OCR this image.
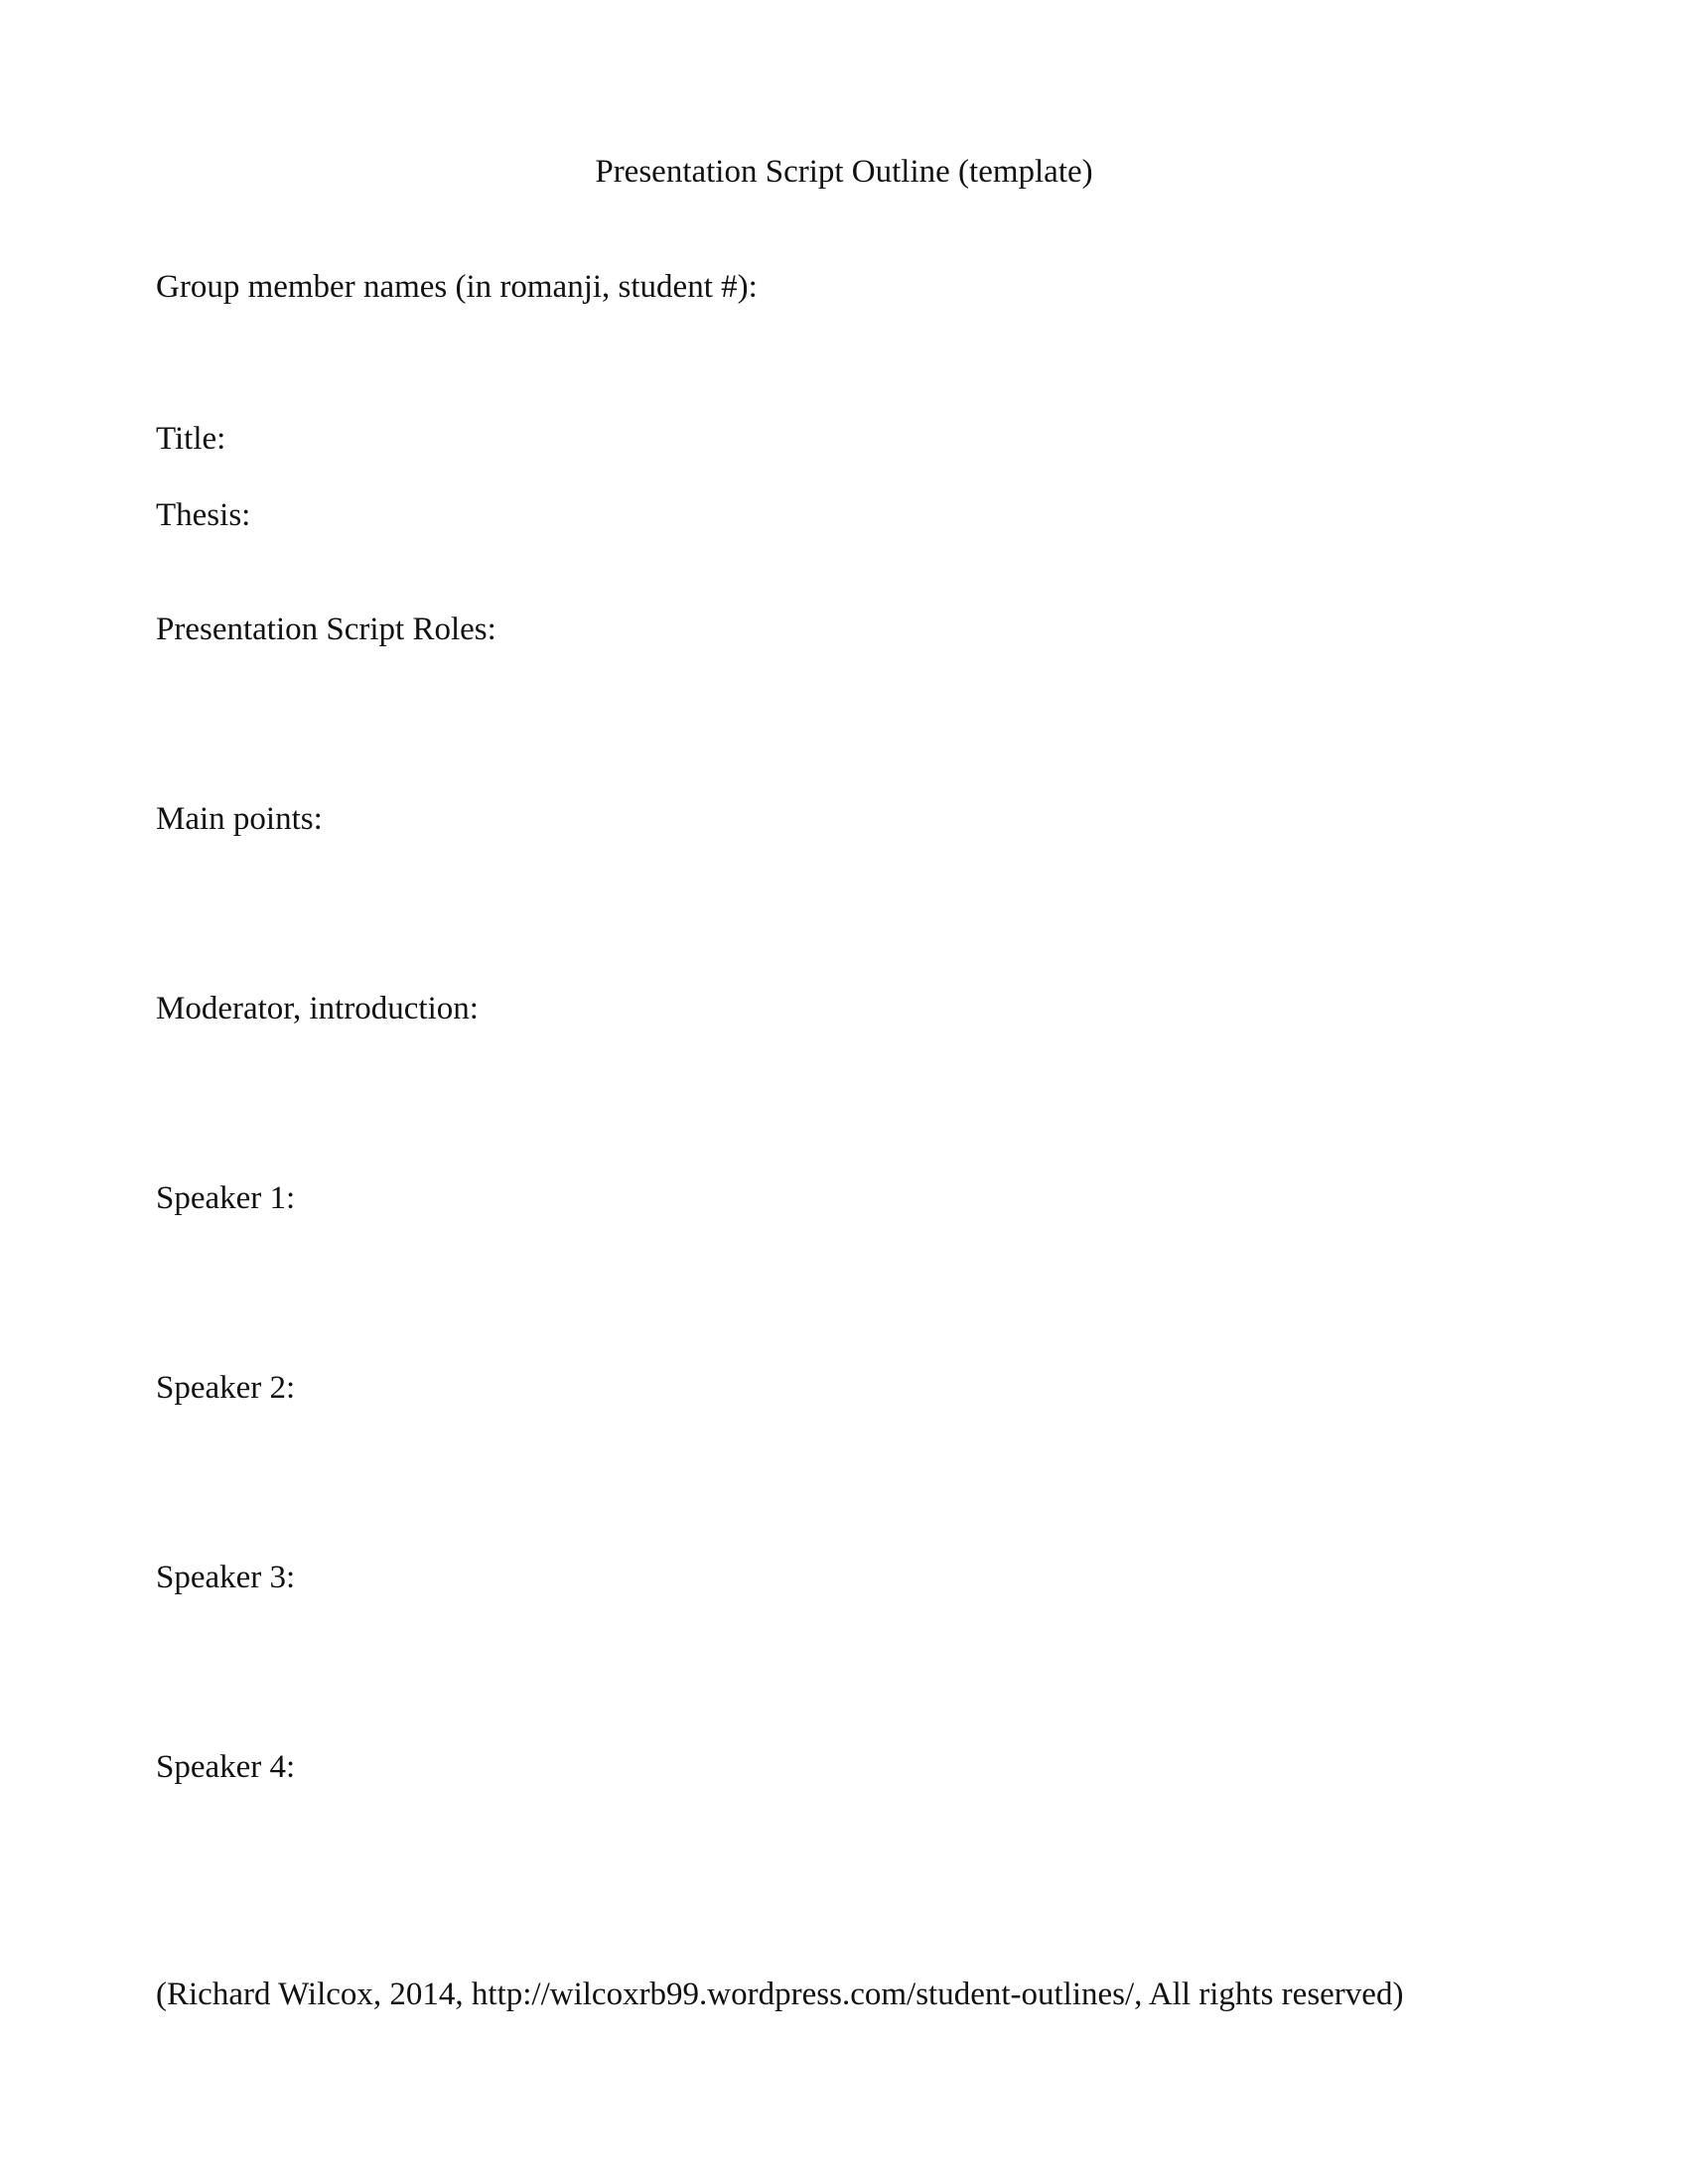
Presentation Script Outline (template)
Group member names (in romanji, student #):
Title:
Thesis:
Presentation Script Roles:
Main points:
Moderator, introduction:
Speaker 1:
Speaker 2:
Speaker 3:
Speaker 4:
(Richard Wilcox, 2014, http://wilcoxrb99.wordpress.com/student-outlines/, All rights reserved)
